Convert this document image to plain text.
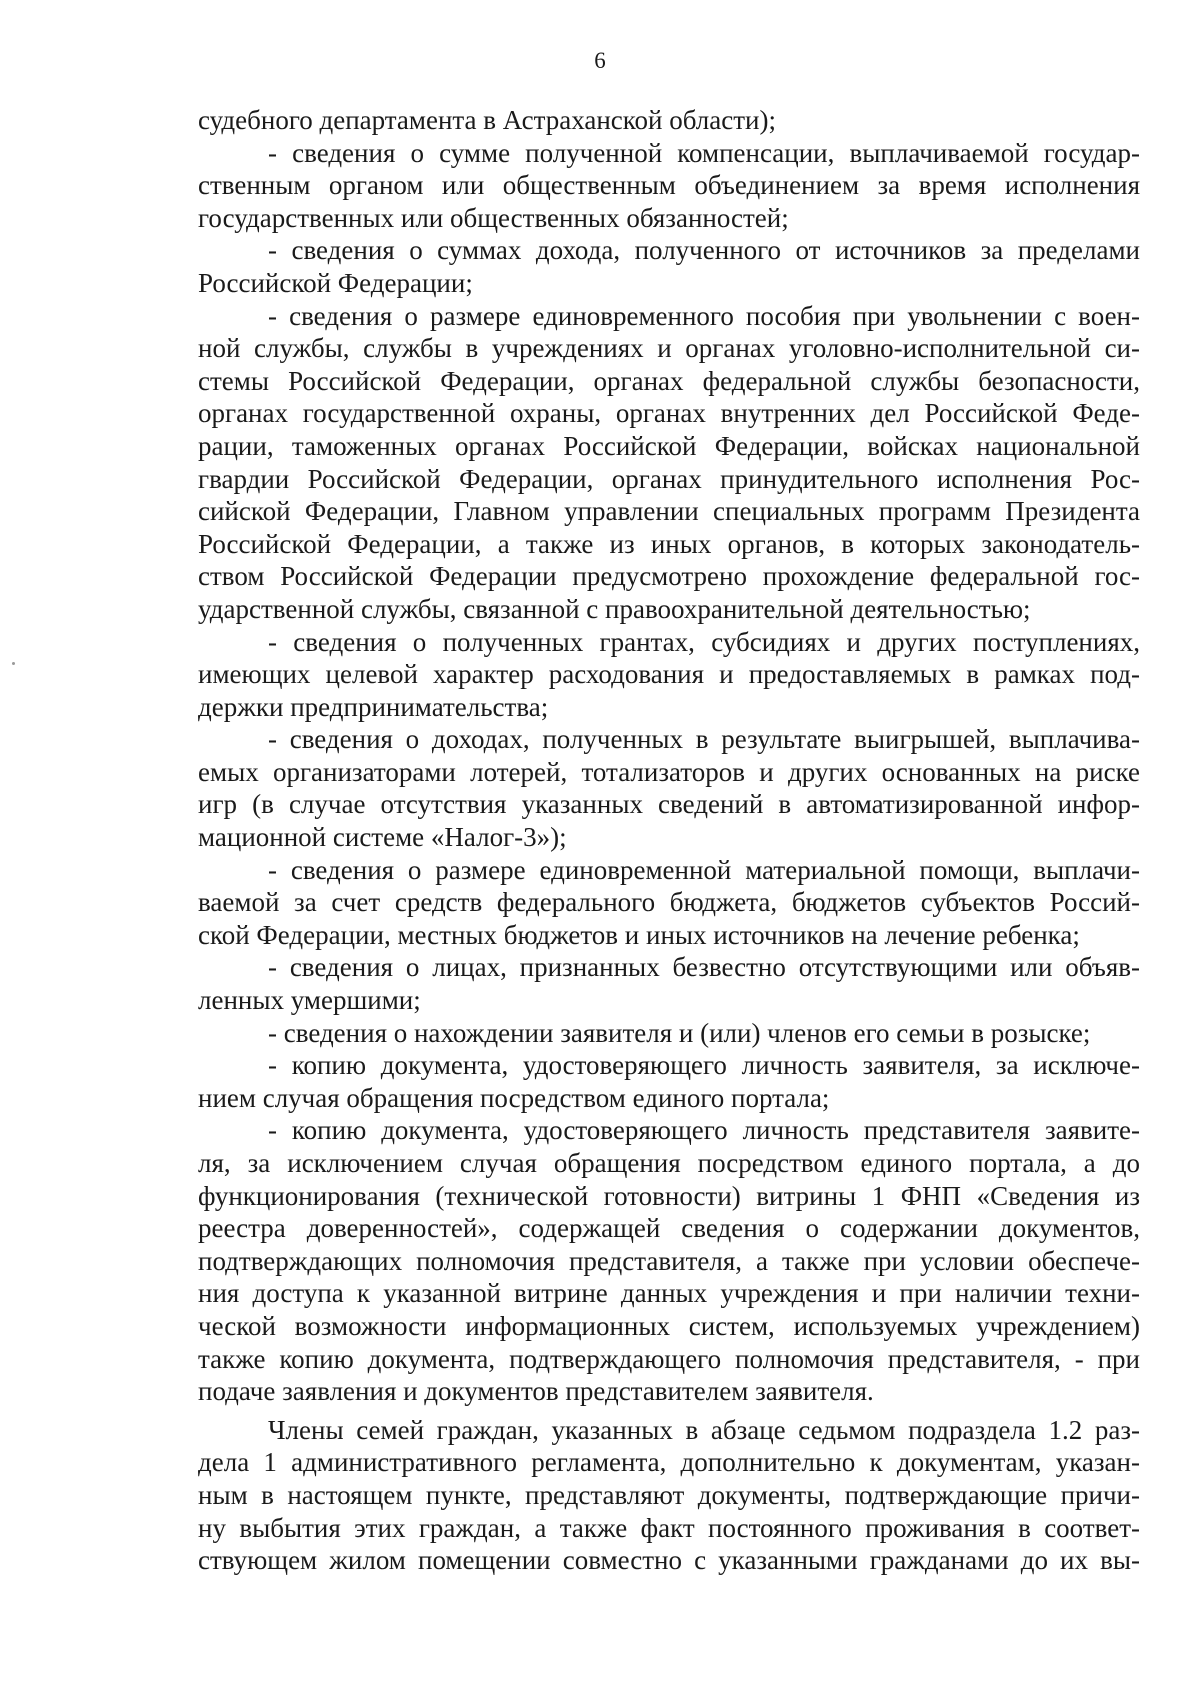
6
судебного департамента в Астраханской области);
- сведения о сумме полученной компенсации, выплачиваемой государ-
ственным органом или общественным объединением за время исполнения
государственных или общественных обязанностей;
- сведения о суммах дохода, полученного от источников за пределами
Российской Федерации;
- сведения о размере единовременного пособия при увольнении с воен-
ной службы, службы в учреждениях и органах уголовно-исполнительной си-
стемы Российской Федерации, органах федеральной службы безопасности,
органах государственной охраны, органах внутренних дел Российской Феде-
рации, таможенных органах Российской Федерации, войсках национальной
гвардии Российской Федерации, органах принудительного исполнения Рос-
сийской Федерации, Главном управлении специальных программ Президента
Российской Федерации, а также из иных органов, в которых законодатель-
ством Российской Федерации предусмотрено прохождение федеральной гос-
ударственной службы, связанной с правоохранительной деятельностью;
- сведения о полученных грантах, субсидиях и других поступлениях,
имеющих целевой характер расходования и предоставляемых в рамках под-
держки предпринимательства;
- сведения о доходах, полученных в результате выигрышей, выплачива-
емых организаторами лотерей, тотализаторов и других основанных на риске
игр (в случае отсутствия указанных сведений в автоматизированной инфор-
мационной системе «Налог-3»);
- сведения о размере единовременной материальной помощи, выплачи-
ваемой за счет средств федерального бюджета, бюджетов субъектов Россий-
ской Федерации, местных бюджетов и иных источников на лечение ребенка;
- сведения о лицах, признанных безвестно отсутствующими или объяв-
ленных умершими;
- сведения о нахождении заявителя и (или) членов его семьи в розыске;
- копию документа, удостоверяющего личность заявителя, за исключе-
нием случая обращения посредством единого портала;
- копию документа, удостоверяющего личность представителя заявите-
ля, за исключением случая обращения посредством единого портала, а до
функционирования (технической готовности) витрины 1 ФНП «Сведения из
реестра доверенностей», содержащей сведения о содержании документов,
подтверждающих полномочия представителя, а также при условии обеспече-
ния доступа к указанной витрине данных учреждения и при наличии техни-
ческой возможности информационных систем, используемых учреждением)
также копию документа, подтверждающего полномочия представителя, - при
подаче заявления и документов представителем заявителя.
Члены семей граждан, указанных в абзаце седьмом подраздела 1.2 раз-
дела 1 административного регламента, дополнительно к документам, указан-
ным в настоящем пункте, представляют документы, подтверждающие причи-
ну выбытия этих граждан, а также факт постоянного проживания в соответ-
ствующем жилом помещении совместно с указанными гражданами до их вы-
